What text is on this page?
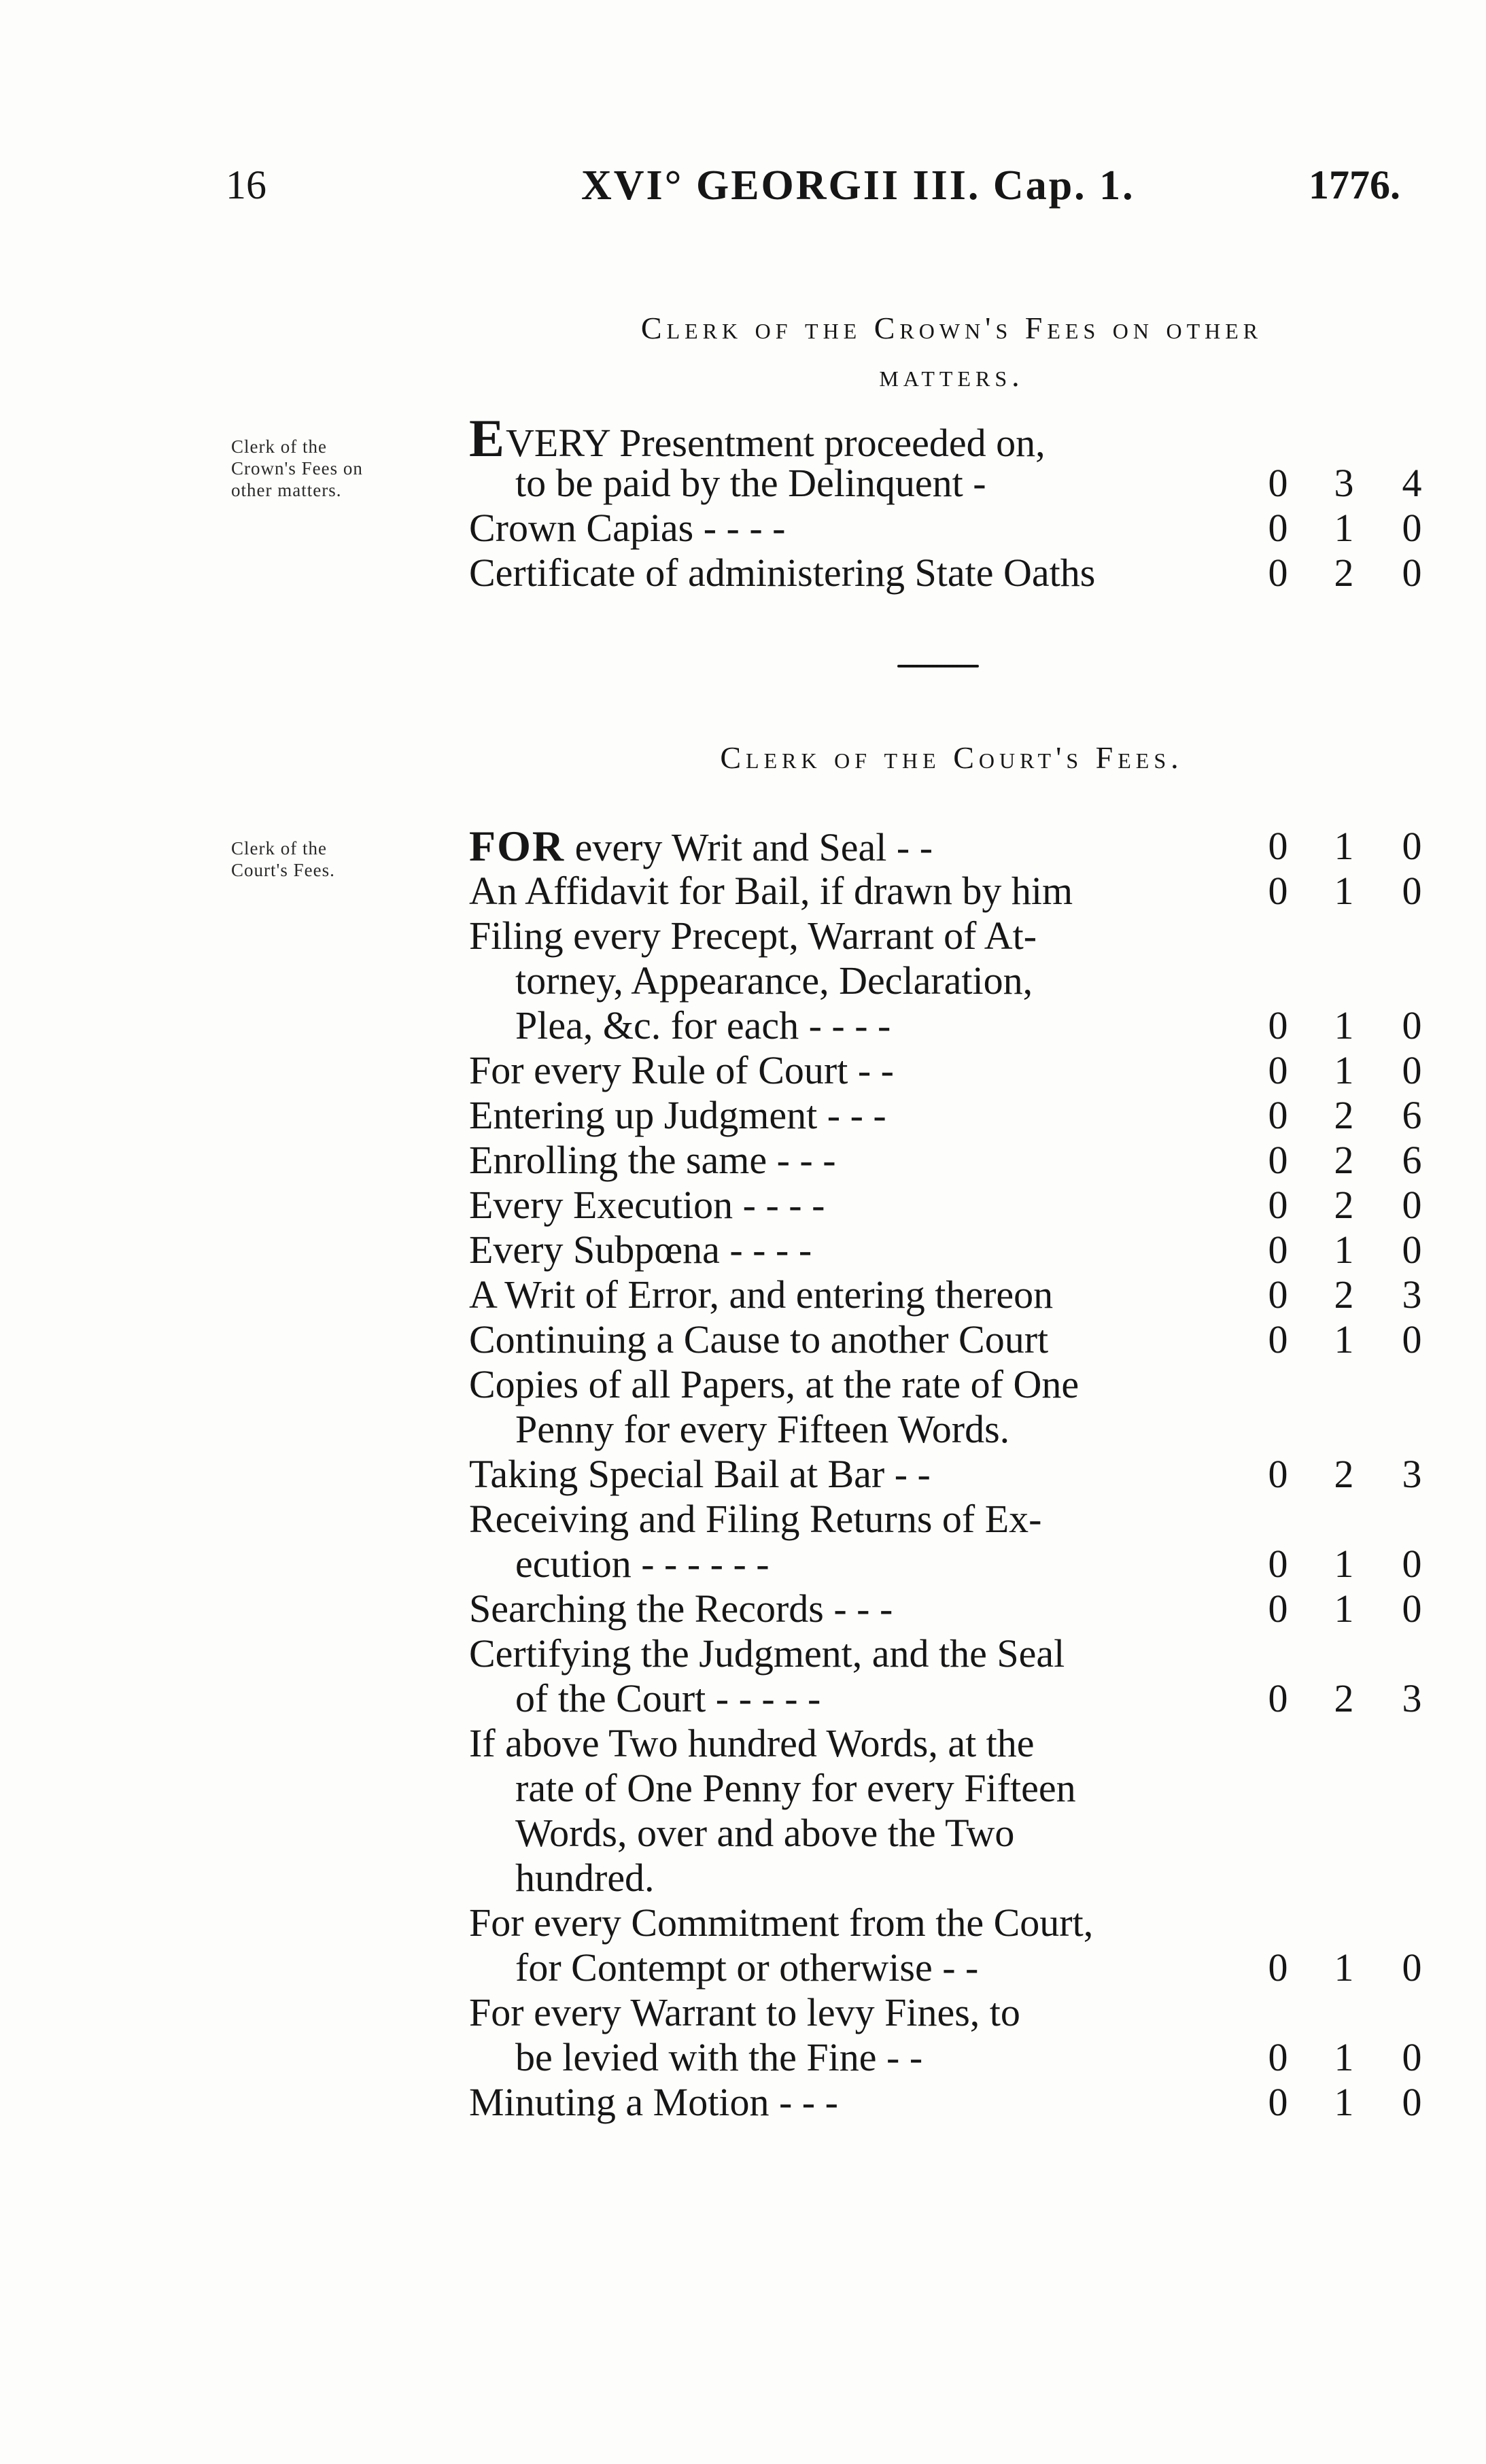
16	XVI° GEORGII III. Cap. 1.	1776.
Clerk of the Crown's Fees on other
matters.
Clerk of the
Crown's Fees on
other matters.
EVERY Presentment proceeded on,
to be paid by the Delinquent -	0 3 4
Crown Capias - - - -	0 1 0
Certificate of administering State Oaths	0 2 0
Clerk of the Court's Fees.
Clerk of the
Court's Fees.	FOR every Writ and Seal - -	0 1 0
An Affidavit for Bail, if drawn by him	0 1 0
Filing every Precept, Warrant of At-
torney, Appearance, Declaration,
Plea, &c. for each - - - -	0 1 0
For every Rule of Court - -	0 1 0
Entering up Judgment - - -	0 2 6
Enrolling the same - - -	0 2 6
Every Execution - - - -	0 2 0
Every Subpœna - - - -	0 1 0
A Writ of Error, and entering thereon	0 2 3
Continuing a Cause to another Court	0 1 0
Copies of all Papers, at the rate of One
Penny for every Fifteen Words.
Taking Special Bail at Bar - -	0 2 3
Receiving and Filing Returns of Ex-
ecution - - - - - -	0 1 0
Searching the Records - - -	0 1 0
Certifying the Judgment, and the Seal
of the Court - - - - -	0 2 3
If above Two hundred Words, at the
rate of One Penny for every Fifteen
Words, over and above the Two
hundred.
For every Commitment from the Court,
for Contempt or otherwise - -	0 1 0
For every Warrant to levy Fines, to
be levied with the Fine - -	0 1 0
Minuting a Motion - - -	0 1 0
